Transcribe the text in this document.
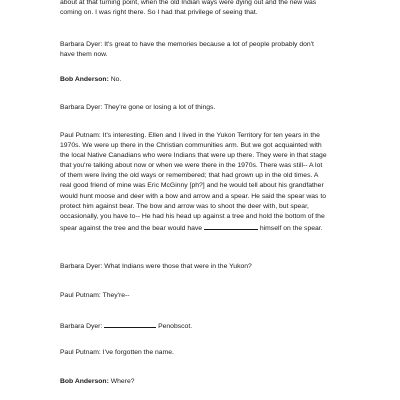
about at that turning point, when the old Indian ways were dying out and the new was
coming on. I was right there. So I had that privilege of seeing that.

Barbara Dyer: It's great to have the memories because a lot of people probably don't
have them now.

Bob Anderson: No.

Barbara Dyer: They're gone or losing a lot of things.

Paul Putnam: It's interesting. Ellen and I lived in the Yukon Territory for ten years in the
1970s. We were up there in the Christian communities arm. But we got acquainted with
the local Native Canadians who were Indians that were up there. They were in that stage
that you're talking about now or when we were there in the 1970s. There was still-- A lot
of them were living the old ways or remembered; that had grown up in the old times. A
real good friend of mine was Eric McGinny [ph?] and he would tell about his grandfather
would hunt moose and deer with a bow and arrow and a spear. He said the spear was to
protect him against bear. The bow and arrow was to shoot the deer with, but spear,
occasionally, you have to-- He had his head up against a tree and hold the bottom of the
spear against the tree and the bear would have	himself on the spear.

Barbara Dyer: What Indians were those that were in the Yukon?

Paul Putnam: They're--

Barbara Dyer:	Penobscot.

Paul Putnam: I've forgotten the name.

Bob Anderson: Where?
